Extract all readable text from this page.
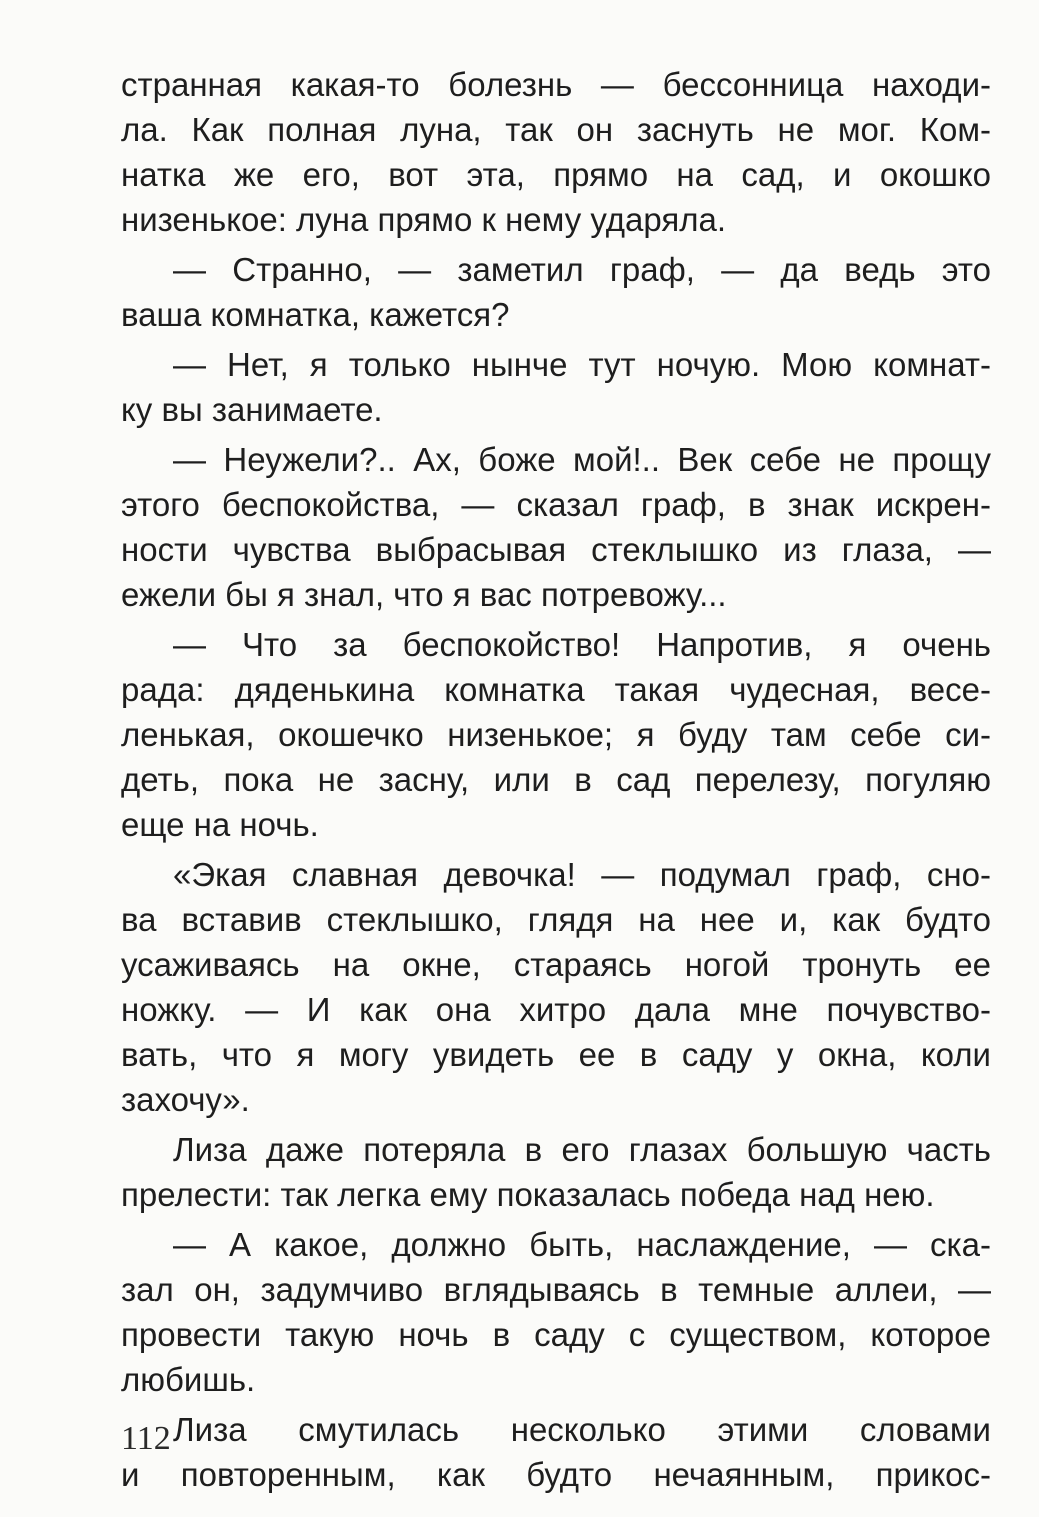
странная какая-то болезнь — бессонница находи-
ла. Как полная луна, так он заснуть не мог. Ком-
натка же его, вот эта, прямо на сад, и окошко
низенькое: луна прямо к нему ударяла.
— Странно, — заметил граф, — да ведь это
ваша комнатка, кажется?
— Нет, я только нынче тут ночую. Мою комнат-
ку вы занимаете.
— Неужели?.. Ах, боже мой!.. Век себе не прощу
этого беспокойства, — сказал граф, в знак искрен-
ности чувства выбрасывая стеклышко из глаза, —
ежели бы я знал, что я вас потревожу...
— Что за беспокойство! Напротив, я очень
рада: дяденькина комнатка такая чудесная, весе-
ленькая, окошечко низенькое; я буду там себе си-
деть, пока не засну, или в сад перелезу, погуляю
еще на ночь.
«Экая славная девочка! — подумал граф, сно-
ва вставив стеклышко, глядя на нее и, как будто
усаживаясь на окне, стараясь ногой тронуть ее
ножку. — И как она хитро дала мне почувство-
вать, что я могу увидеть ее в саду у окна, коли
захочу».
Лиза даже потеряла в его глазах большую часть
прелести: так легка ему показалась победа над нею.
— А какое, должно быть, наслаждение, — ска-
зал он, задумчиво вглядываясь в темные аллеи, —
провести такую ночь в саду с существом, которое
любишь.
Лиза смутилась несколько этими словами
и повторенным, как будто нечаянным, прикос-
112
